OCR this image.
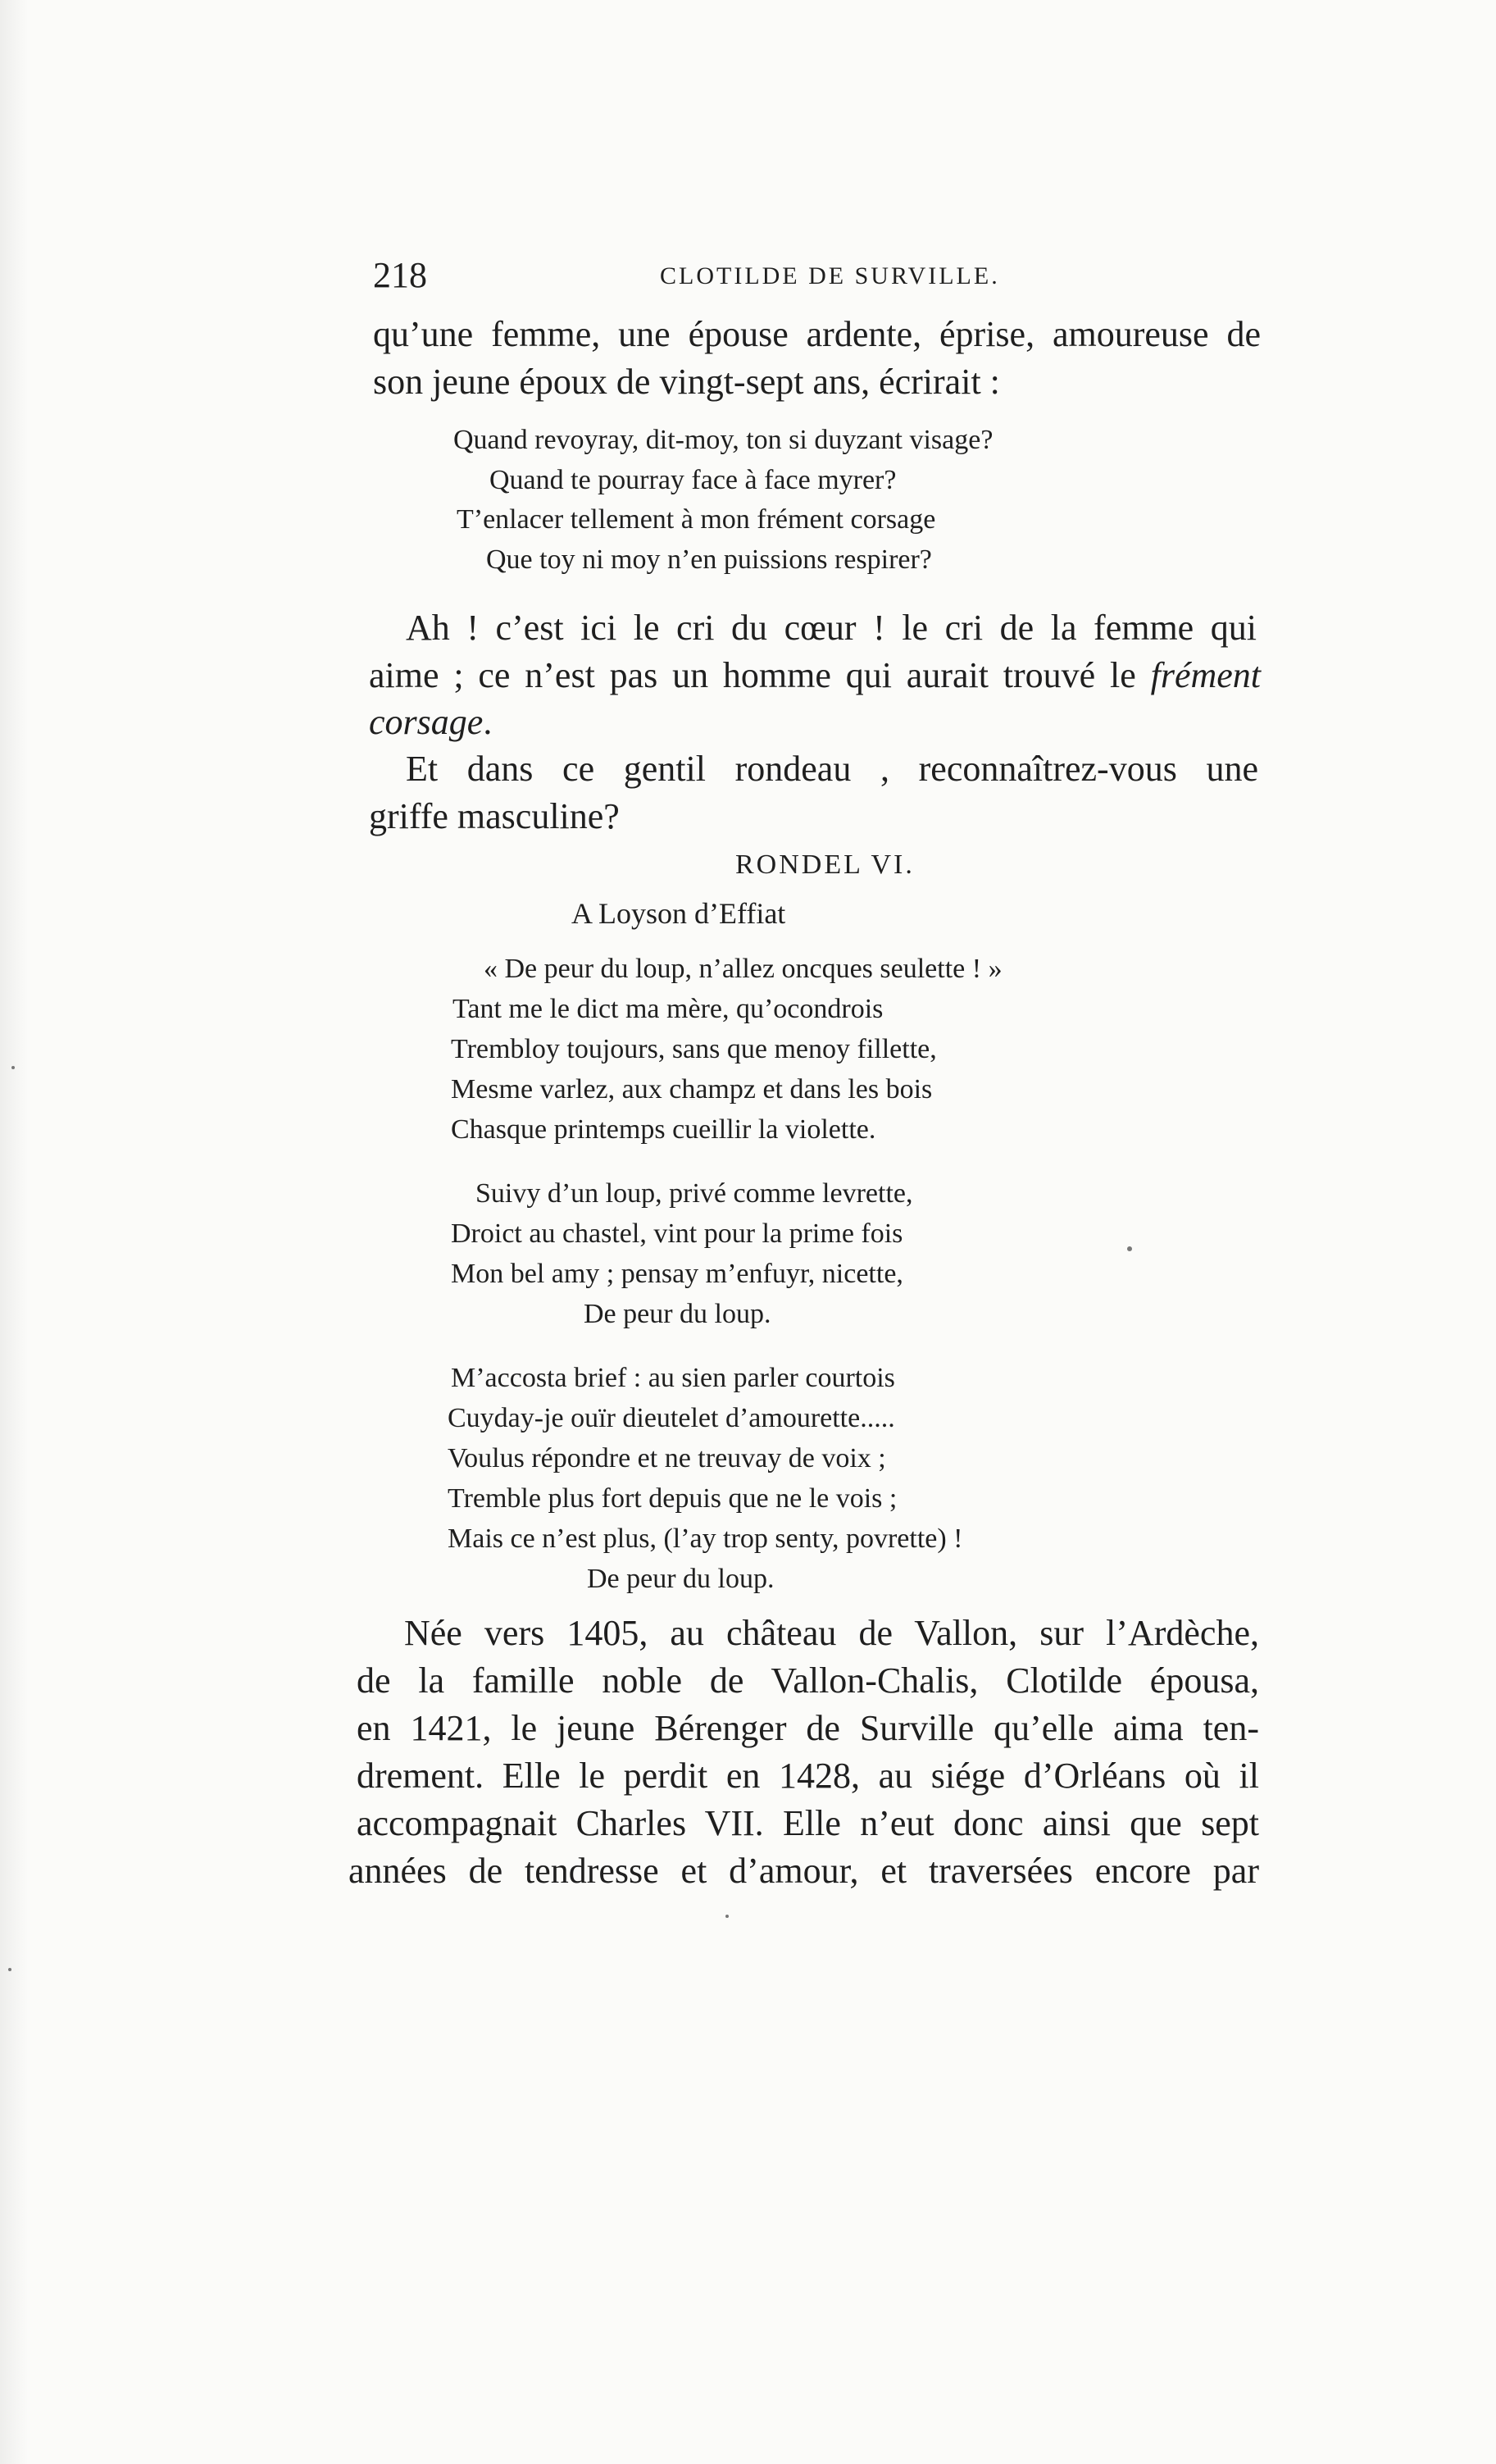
218	CLOTILDE DE SURVILLE.
qu’une femme, une épouse ardente, éprise, amoureuse de
son jeune époux de vingt-sept ans, écrirait :
Quand revoyray, dit-moy, ton si duyzant visage?
Quand te pourray face à face myrer?
T’enlacer tellement à mon frément corsage
Que toy ni moy n’en puissions respirer?
Ah ! c’est ici le cri du cœur ! le cri de la femme qui
aime ; ce n’est pas un homme qui aurait trouvé le frément
corsage.
Et dans ce gentil rondeau , reconnaîtrez-vous une
griffe masculine?
RONDEL VI.
A Loyson d’Effiat
« De peur du loup, n’allez oncques seulette ! »
Tant me le dict ma mère, qu’ocondrois
Trembloy toujours, sans que menoy fillette,
Mesme varlez, aux champz et dans les bois
Chasque printemps cueillir la violette.
Suivy d’un loup, privé comme levrette,
Droict au chastel, vint pour la prime fois
Mon bel amy ; pensay m’enfuyr, nicette,
De peur du loup.
M’accosta brief : au sien parler courtois
Cuyday-je ouïr dieutelet d’amourette.....
Voulus répondre et ne treuvay de voix ;
Tremble plus fort depuis que ne le vois ;
Mais ce n’est plus, (l’ay trop senty, povrette) !
De peur du loup.
Née vers 1405, au château de Vallon, sur l’Ardèche,
de la famille noble de Vallon-Chalis, Clotilde épousa,
en 1421, le jeune Bérenger de Surville qu’elle aima ten-
drement. Elle le perdit en 1428, au siége d’Orléans où il
accompagnait Charles VII. Elle n’eut donc ainsi que sept
années de tendresse et d’amour, et traversées encore par
